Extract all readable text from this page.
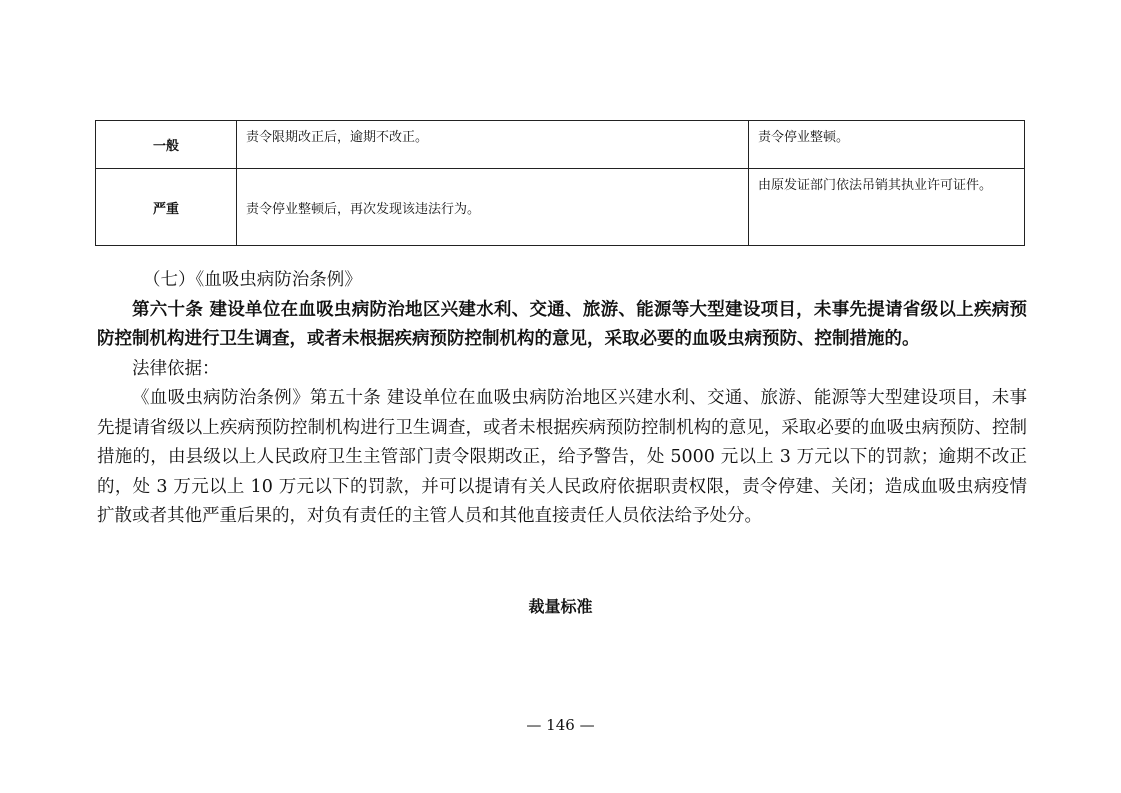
一般	责令限期改正后，逾期不改正。	责令停业整顿。
严重	责令停业整顿后，再次发现该违法行为。	由原发证部门依法吊销其执业许可证件。

（七）《血吸虫病防治条例》

第六十条 建设单位在血吸虫病防治地区兴建水利、交通、旅游、能源等大型建设项目，未事先提请省级以上疾病预防控制机构进行卫生调查，或者未根据疾病预防控制机构的意见，采取必要的血吸虫病预防、控制措施的。

法律依据：

《血吸虫病防治条例》第五十条 建设单位在血吸虫病防治地区兴建水利、交通、旅游、能源等大型建设项目，未事先提请省级以上疾病预防控制机构进行卫生调查，或者未根据疾病预防控制机构的意见，采取必要的血吸虫病预防、控制措施的，由县级以上人民政府卫生主管部门责令限期改正，给予警告，处 5000 元以上 3 万元以下的罚款；逾期不改正的，处 3 万元以上 10 万元以下的罚款，并可以提请有关人民政府依据职责权限，责令停建、关闭；造成血吸虫病疫情扩散或者其他严重后果的，对负有责任的主管人员和其他直接责任人员依法给予处分。

裁量标准
— 146 —
